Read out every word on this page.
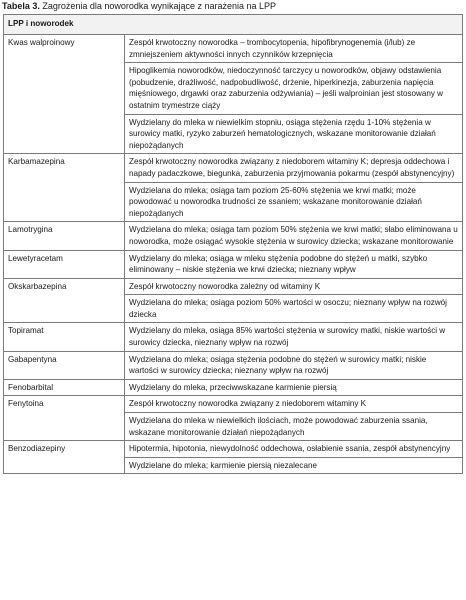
Tabela 3. Zagrożenia dla noworodka wynikające z narażenia na LPP
LPP i noworodek	
Kwas walproinowy	Zespół krwotoczny noworodka – trombocytopenia, hipofibrynogenemia (i/lub) ze zmniejszeniem aktywności innych czynników krzepnięcia
	Hipoglikemia noworodków, niedoczynność tarczycy u noworodków, objawy odstawienia (pobudzenie, drażliwość, nadpobudliwość, drżenie, hiperkinezja, zaburzenia napięcia mięśniowego, drgawki oraz zaburzenia odżywiania) – jeśli walproinian jest stosowany w ostatnim trymestrze ciąży
	Wydzielany do mleka w niewielkim stopniu, osiąga stężenia rzędu 1-10% stężenia w surowicy matki, ryzyko zaburzeń hematologicznych, wskazane monitorowanie działań niepożądanych
Karbamazepina	Zespół krwotoczny noworodka związany z niedoborem witaminy K; depresja oddechowa i napady padaczkowe, biegunka, zaburzenia przyjmowania pokarmu (zespół abstynencyjny)
	Wydzielana do mleka; osiąga tam poziom 25-60% stężenia we krwi matki; może powodować u noworodka trudności ze ssaniem; wskazane monitorowanie działań niepożądanych
Lamotrygina	Wydzielana do mleka; osiąga tam poziom 50% stężenia we krwi matki; słabo eliminowana u noworodka, może osiągać wysokie stężenia w surowicy dziecka; wskazane monitorowanie
Lewetyracetam	Wydzielany do mleka; osiąga w mleku stężenia podobne do stężeń u matki, szybko eliminowany – niskie stężenia we krwi dziecka; nieznany wpływ
Okskarbazepina	Zespół krwotoczny noworodka zależny od witaminy K
	Wydzielana do mleka; osiąga poziom 50% wartości w osoczu; nieznany wpływ na rozwój dziecka
Topiramat	Wydzielany do mleka, osiąga 85% wartości stężenia w surowicy matki, niskie wartości w surowicy dziecka, nieznany wpływ na rozwój
Gabapentyna	Wydzielana do mleka; osiąga stężenia podobne do stężeń w surowicy matki; niskie wartości w surowicy dziecka; nieznany wpływ na rozwój
Fenobarbital	Wydzielany do mleka, przeciwwskazane karmienie piersią
Fenytoina	Zespół krwotoczny noworodka związany z niedoborem witaminy K
	Wydzielana do mleka w niewielkich ilościach, może powodować zaburzenia ssania, wskazane monitorowanie działań niepożądanych
Benzodiazepiny	Hipotermia, hipotonia, niewydolność oddechowa, osłabienie ssania, zespół abstynencyjny
	Wydzielane do mleka; karmienie piersią niezalecane
